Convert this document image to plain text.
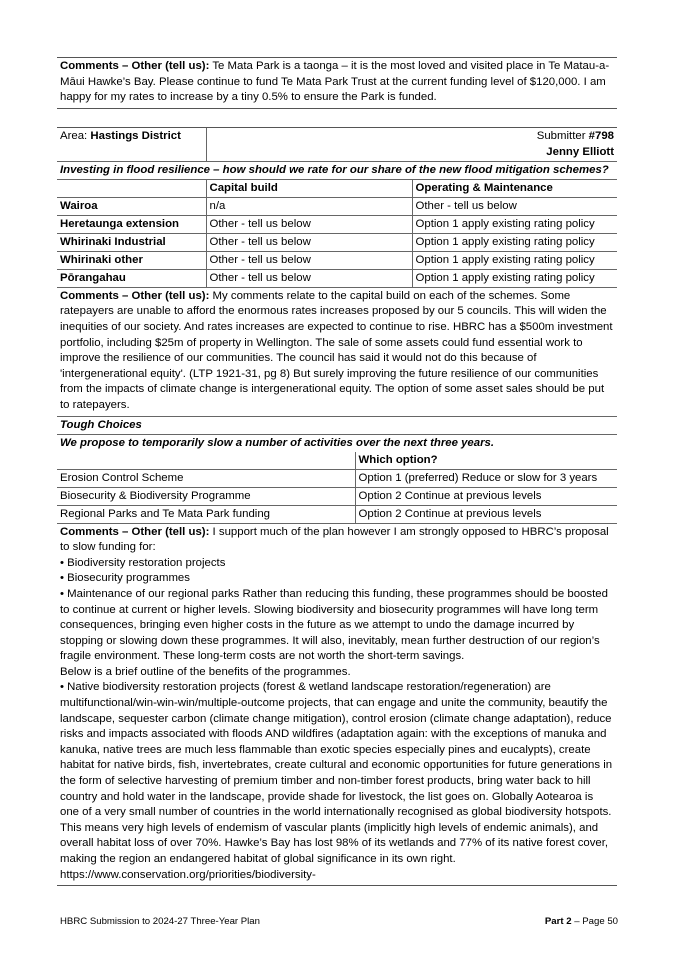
Comments – Other (tell us): Te Mata Park is a taonga – it is the most loved and visited place in Te Matau-a-Māui Hawke’s Bay. Please continue to fund Te Mata Park Trust at the current funding level of $120,000. I am happy for my rates to increase by a tiny 0.5% to ensure the Park is funded.
Area: Hastings District	Submitter #798
Jenny Elliott	
Investing in flood resilience – how should we rate for our share of the new flood mitigation schemes?		
	Capital build	Operating & Maintenance
Wairoa	n/a	Other - tell us below
Heretaunga extension	Other - tell us below	Option 1 apply existing rating policy
Whirinaki Industrial	Other - tell us below	Option 1 apply existing rating policy
Whirinaki other	Other - tell us below	Option 1 apply existing rating policy
Pōrangahau	Other - tell us below	Option 1 apply existing rating policy
Comments – Other (tell us): My comments relate to the capital build on each of the schemes. Some ratepayers are unable to afford the enormous rates increases proposed by our 5 councils. This will widen the inequities of our society. And rates increases are expected to continue to rise. HBRC has a $500m investment portfolio, including $25m of property in Wellington. The sale of some assets could fund essential work to improve the resilience of our communities. The council has said it would not do this because of 'intergenerational equity'. (LTP 1921-31, pg 8) But surely improving the future resilience of our communities from the impacts of climate change is intergenerational equity. The option of some asset sales should be put to ratepayers.
Tough Choices	
We propose to temporarily slow a number of activities over the next three years.	
	Which option?
Erosion Control Scheme	Option 1 (preferred) Reduce or slow for 3 years
Biosecurity & Biodiversity Programme	Option 2 Continue at previous levels
Regional Parks and Te Mata Park funding	Option 2 Continue at previous levels

Comments – Other (tell us): I support much of the plan however I am strongly opposed to HBRC’s proposal to slow funding for:

• Biodiversity restoration projects

• Biosecurity programmes

• Maintenance of our regional parks Rather than reducing this funding, these programmes should be boosted to continue at current or higher levels. Slowing biodiversity and biosecurity programmes will have long term consequences, bringing even higher costs in the future as we attempt to undo the damage incurred by stopping or slowing down these programmes. It will also, inevitably, mean further destruction of our region’s fragile environment. These long-term costs are not worth the short-term savings.

Below is a brief outline of the benefits of the programmes.

• Native biodiversity restoration projects (forest & wetland landscape restoration/regeneration) are multifunctional/win-win-win/multiple-outcome projects, that can engage and unite the community, beautify the landscape, sequester carbon (climate change mitigation), control erosion (climate change adaptation), reduce risks and impacts associated with floods AND wildfires (adaptation again: with the exceptions of manuka and kanuka, native trees are much less flammable than exotic species especially pines and eucalypts), create habitat for native birds, fish, invertebrates, create cultural and economic opportunities for future generations in the form of selective harvesting of premium timber and non-timber forest products, bring water back to hill country and hold water in the landscape, provide shade for livestock, the list goes on. Globally Aotearoa is one of a very small number of countries in the world internationally recognised as global biodiversity hotspots. This means very high levels of endemism of vascular plants (implicitly high levels of endemic animals), and overall habitat loss of over 70%. Hawke’s Bay has lost 98% of its wetlands and 77% of its native forest cover, making the region an endangered habitat of global significance in its own right. https://www.conservation.org/priorities/biodiversity-

HBRC Submission to 2024-27 Three-Year Plan	Part 2 – Page 50
